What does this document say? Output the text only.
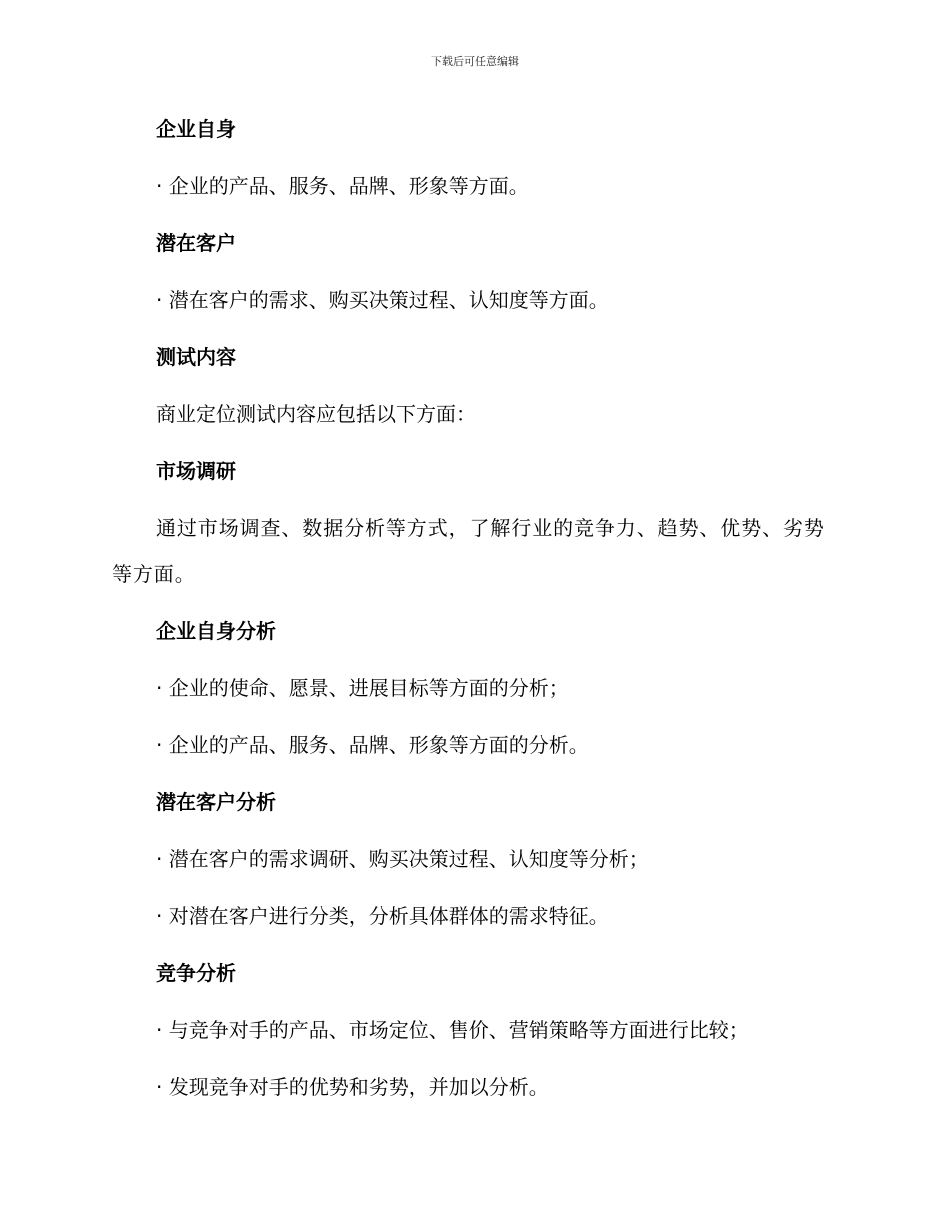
下载后可任意编辑

企业自身

· 企业的产品、服务、品牌、形象等方面。

潜在客户

· 潜在客户的需求、购买决策过程、认知度等方面。

测试内容

商业定位测试内容应包括以下方面：

市场调研

通过市场调查、数据分析等方式，了解行业的竞争力、趋势、优势、劣势等方面。

企业自身分析

· 企业的使命、愿景、进展目标等方面的分析；

· 企业的产品、服务、品牌、形象等方面的分析。

潜在客户分析

· 潜在客户的需求调研、购买决策过程、认知度等分析；

· 对潜在客户进行分类，分析具体群体的需求特征。

竞争分析

· 与竞争对手的产品、市场定位、售价、营销策略等方面进行比较；

· 发现竞争对手的优势和劣势，并加以分析。
